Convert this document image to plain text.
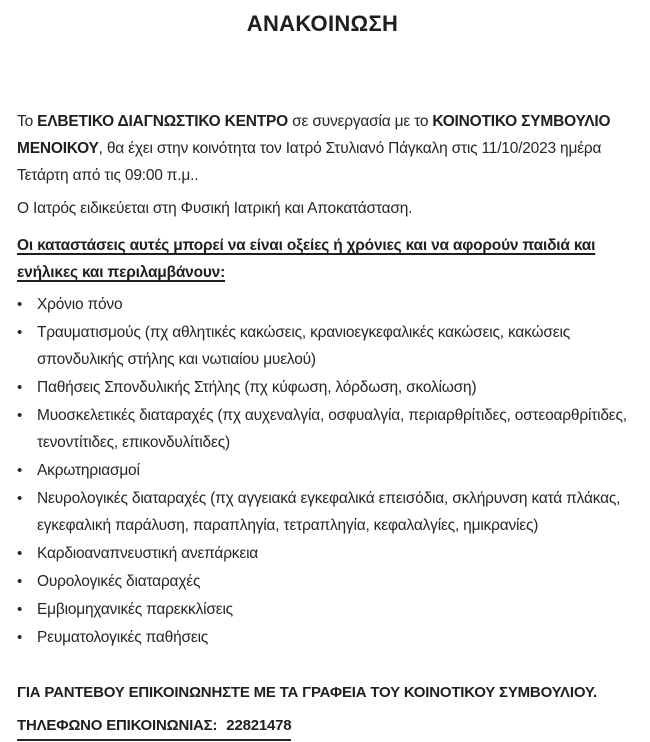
ΑΝΑΚΟΙΝΩΣΗ

Το ΕΛΒΕΤΙΚΟ ΔΙΑΓΝΩΣΤΙΚΟ ΚΕΝΤΡΟ σε συνεργασία με το ΚΟΙΝΟΤΙΚΟ ΣΥΜΒΟΥΛΙΟ ΜΕΝΟΙΚΟΥ, θα έχει στην κοινότητα τον Ιατρό Στυλιανό Πάγκαλη στις 11/10/2023 ημέρα Τετάρτη από τις 09:00 π.μ..

Ο Ιατρός ειδικεύεται στη Φυσική Ιατρική και Αποκατάσταση.

Οι καταστάσεις αυτές μπορεί να είναι οξείες ή χρόνιες και να αφορούν παιδιά και ενήλικες και περιλαμβάνουν:

• Χρόνιο πόνο
• Τραυματισμούς (πχ αθλητικές κακώσεις, κρανιοεγκεφαλικές κακώσεις, κακώσεις σπονδυλικής στήλης και νωτιαίου μυελού)
• Παθήσεις Σπονδυλικής Στήλης (πχ κύφωση, λόρδωση, σκολίωση)
• Μυοσκελετικές διαταραχές (πχ αυχεναλγία, οσφυαλγία, περιαρθρίτιδες, οστεοαρθρίτιδες, τενοντίτιδες, επικονδυλίτιδες)
• Ακρωτηριασμοί
• Νευρολογικές διαταραχές (πχ αγγειακά εγκεφαλικά επεισόδια, σκλήρυνση κατά πλάκας, εγκεφαλική παράλυση, παραπληγία, τετραπληγία, κεφαλαλγίες, ημικρανίες)
• Καρδιοαναπνευστική ανεπάρκεια
• Ουρολογικές διαταραχές
• Εμβιομηχανικές παρεκκλίσεις
• Ρευματολογικές παθήσεις

ΓΙΑ ΡΑΝΤΕΒΟΥ ΕΠΙΚΟΙΝΩΝΗΣΤΕ ΜΕ ΤΑ ΓΡΑΦΕΙΑ ΤΟΥ ΚΟΙΝΟΤΙΚΟΥ ΣΥΜΒΟΥΛΙΟΥ.

ΤΗΛΕΦΩΝΟ ΕΠΙΚΟΙΝΩΝΙΑΣ: 22821478
